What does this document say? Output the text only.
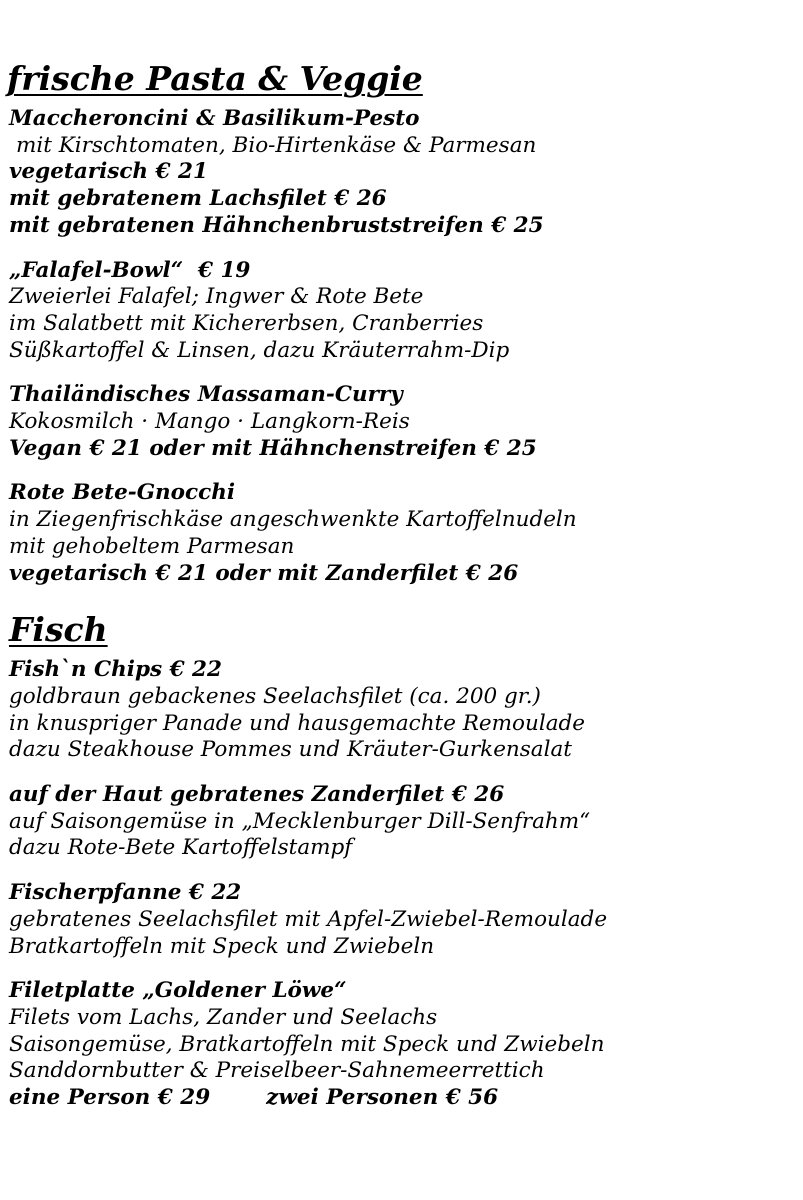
frische Pasta & Veggie
Maccheroncini & Basilikum-Pesto
mit Kirschtomaten, Bio-Hirtenkäse & Parmesan
vegetarisch € 21
mit gebratenem Lachsfilet € 26
mit gebratenen Hähnchenbruststreifen € 25
„Falafel-Bowl“  € 19
Zweierlei Falafel; Ingwer & Rote Bete
im Salatbett mit Kichererbsen, Cranberries
Süßkartoffel & Linsen, dazu Kräuterrahm-Dip
Thailändisches Massaman-Curry
Kokosmilch · Mango · Langkorn-Reis
Vegan € 21 oder mit Hähnchenstreifen € 25
Rote Bete-Gnocchi
in Ziegenfrischkäse angeschwenkte Kartoffelnudeln
mit gehobeltem Parmesan
vegetarisch € 21 oder mit Zanderfilet € 26
Fisch
Fish`n Chips € 22
goldbraun gebackenes Seelachsfilet (ca. 200 gr.)
in knuspriger Panade und hausgemachte Remoulade
dazu Steakhouse Pommes und Kräuter-Gurkensalat
auf der Haut gebratenes Zanderfilet € 26
auf Saisongemüse in „Mecklenburger Dill-Senfrahm“
dazu Rote-Bete Kartoffelstampf
Fischerpfanne € 22
gebratenes Seelachsfilet mit Apfel-Zwiebel-Remoulade
Bratkartoffeln mit Speck und Zwiebeln
Filetplatte „Goldener Löwe“
Filets vom Lachs, Zander und Seelachs
Saisongemüse, Bratkartoffeln mit Speck und Zwiebeln
Sanddornbutter & Preiselbeer-Sahnemeerrettich
eine Person € 29	zwei Personen € 56
